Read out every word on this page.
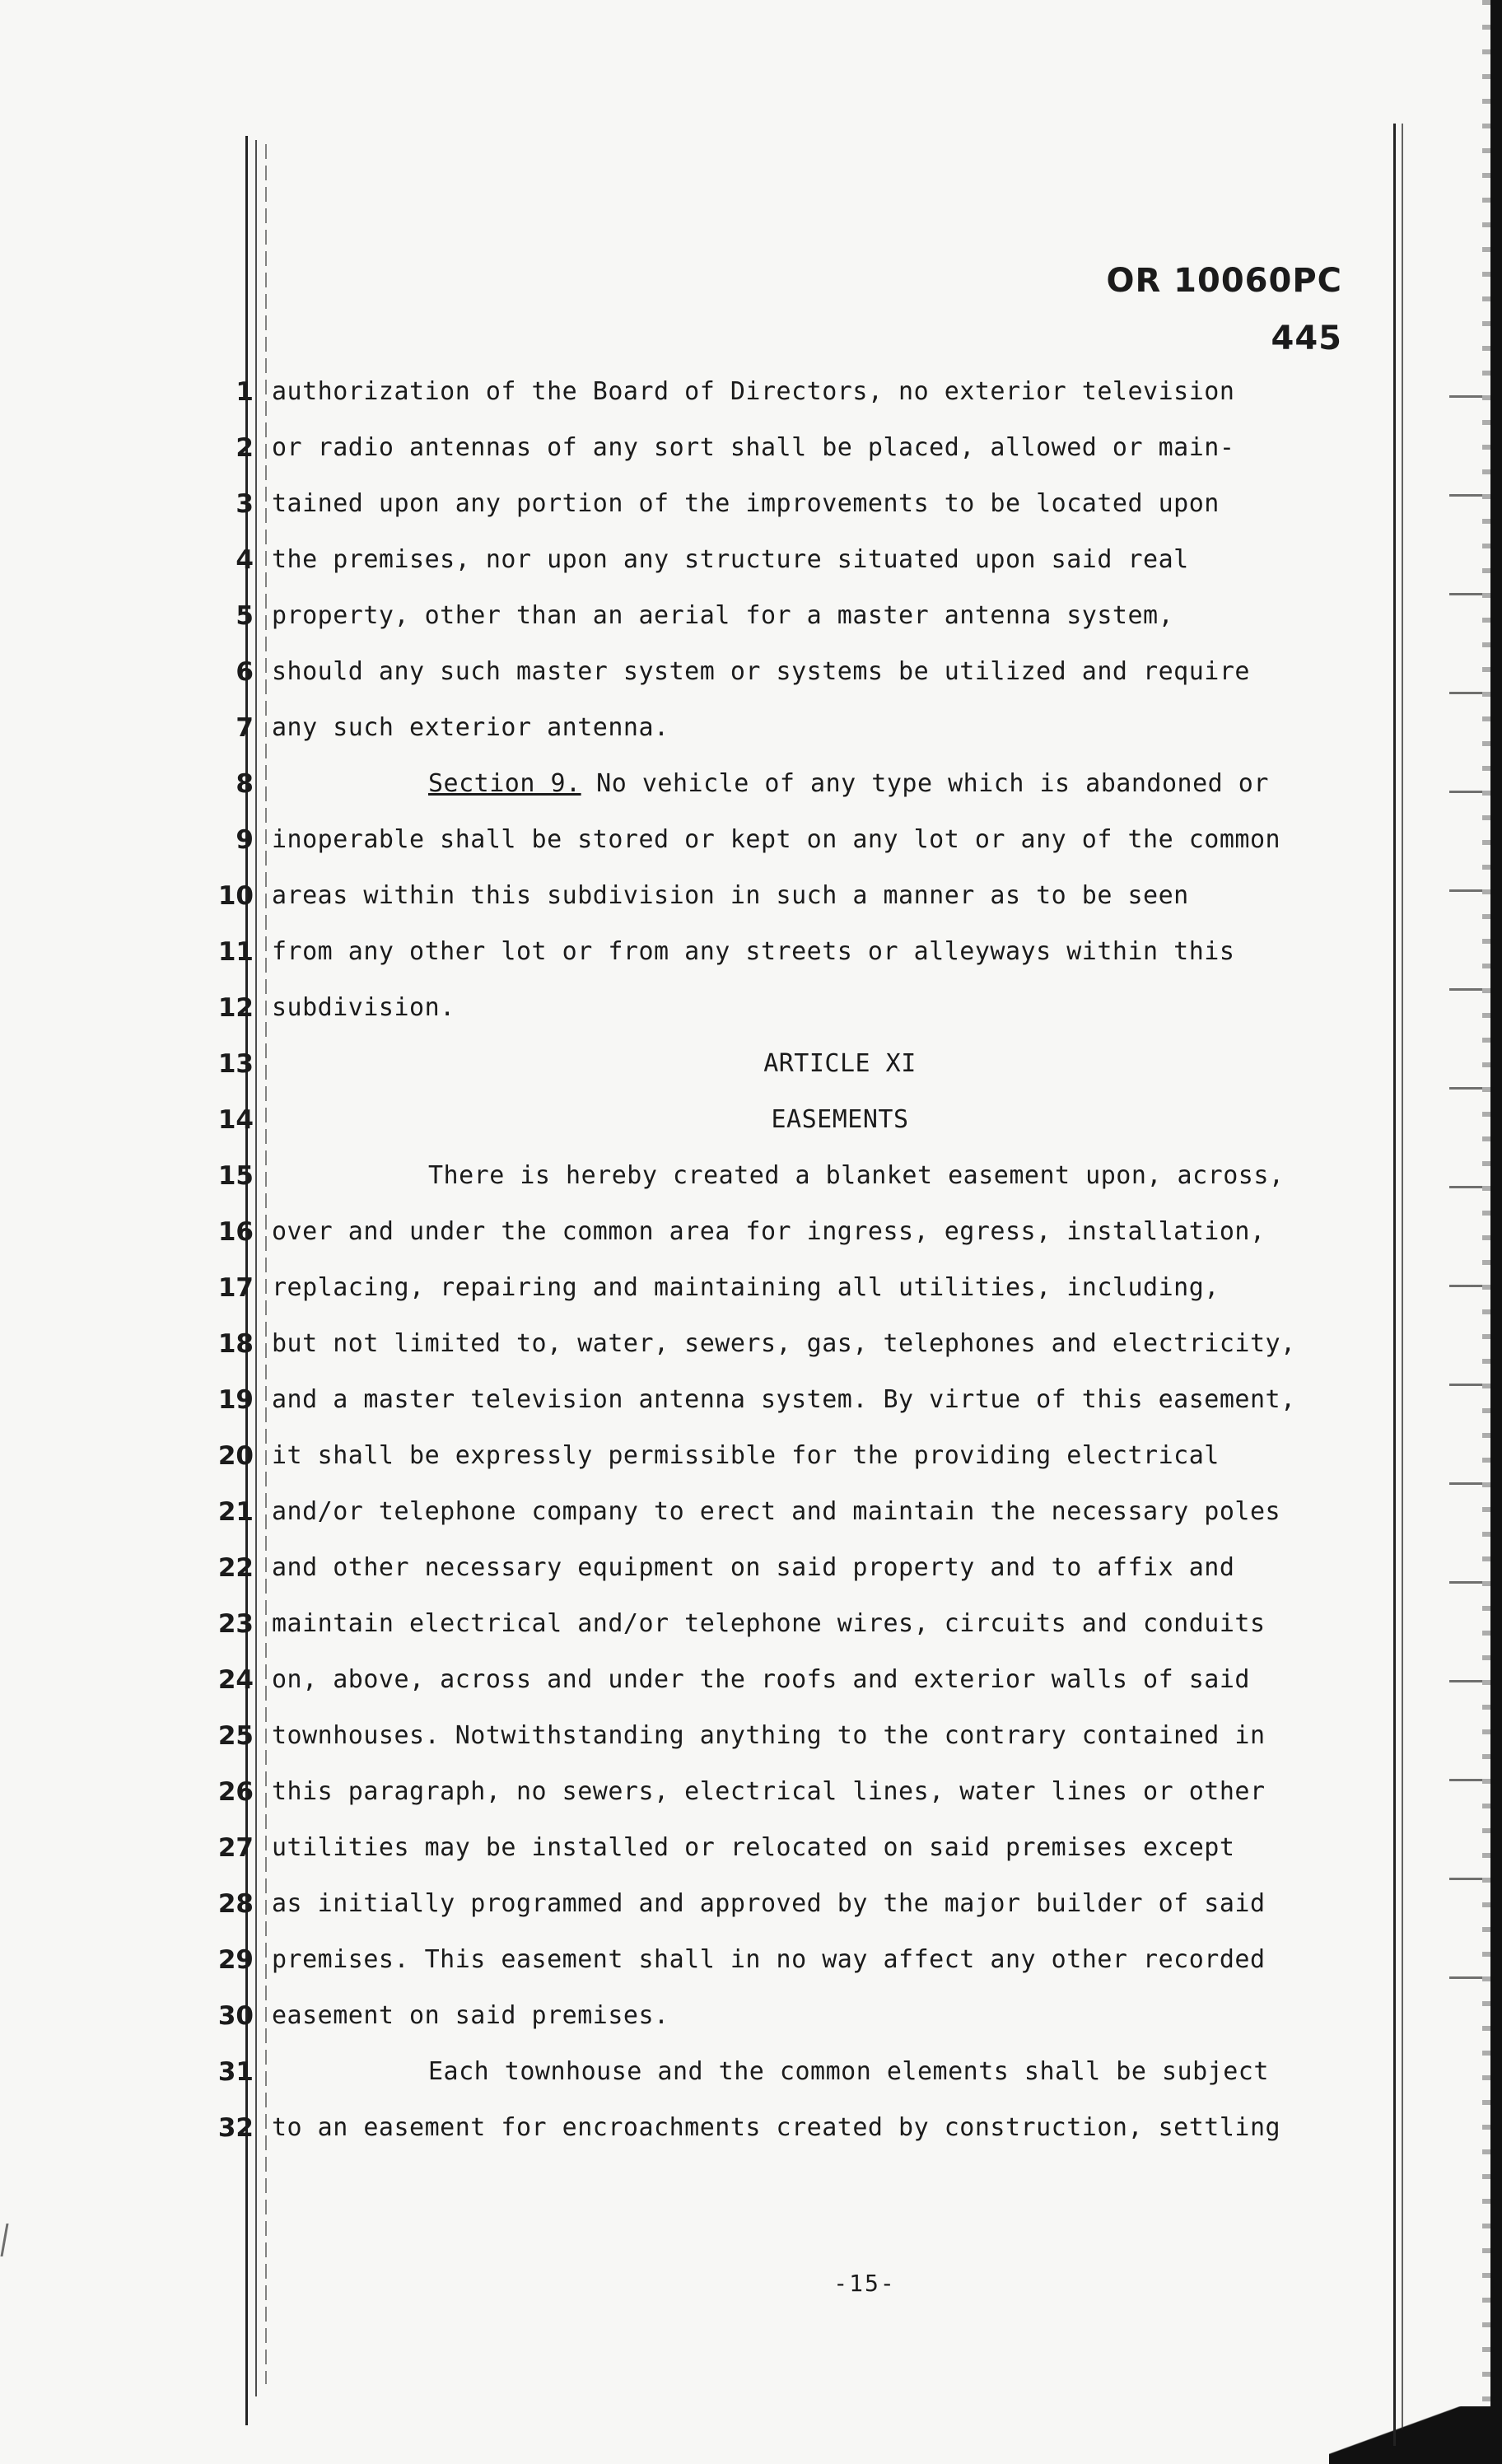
OR 10060PC 445
1
2
3
4
5
6
7
8
9
10
11
12
13
14
15
16
17
18
19
20
21
22
23
24
25
26
27
28
29
30
31
32
authorization of the Board of Directors, no exterior television
or radio antennas of any sort shall be placed, allowed or main-
tained upon any portion of the improvements to be located upon
the premises, nor upon any structure situated upon said real
property, other than an aerial for a master antenna system,
should any such master system or systems be utilized and require
any such exterior antenna.
Section 9. No vehicle of any type which is abandoned or
inoperable shall be stored or kept on any lot or any of the common
areas within this subdivision in such a manner as to be seen
from any other lot or from any streets or alleyways within this
subdivision.
ARTICLE XI
EASEMENTS
There is hereby created a blanket easement upon, across,
over and under the common area for ingress, egress, installation,
replacing, repairing and maintaining all utilities, including,
but not limited to, water, sewers, gas, telephones and electricity,
and a master television antenna system. By virtue of this easement,
it shall be expressly permissible for the providing electrical
and/or telephone company to erect and maintain the necessary poles
and other necessary equipment on said property and to affix and
maintain electrical and/or telephone wires, circuits and conduits
on, above, across and under the roofs and exterior walls of said
townhouses. Notwithstanding anything to the contrary contained in
this paragraph, no sewers, electrical lines, water lines or other
utilities may be installed or relocated on said premises except
as initially programmed and approved by the major builder of said
premises. This easement shall in no way affect any other recorded
easement on said premises.
Each townhouse and the common elements shall be subject
to an easement for encroachments created by construction, settling
-15-
